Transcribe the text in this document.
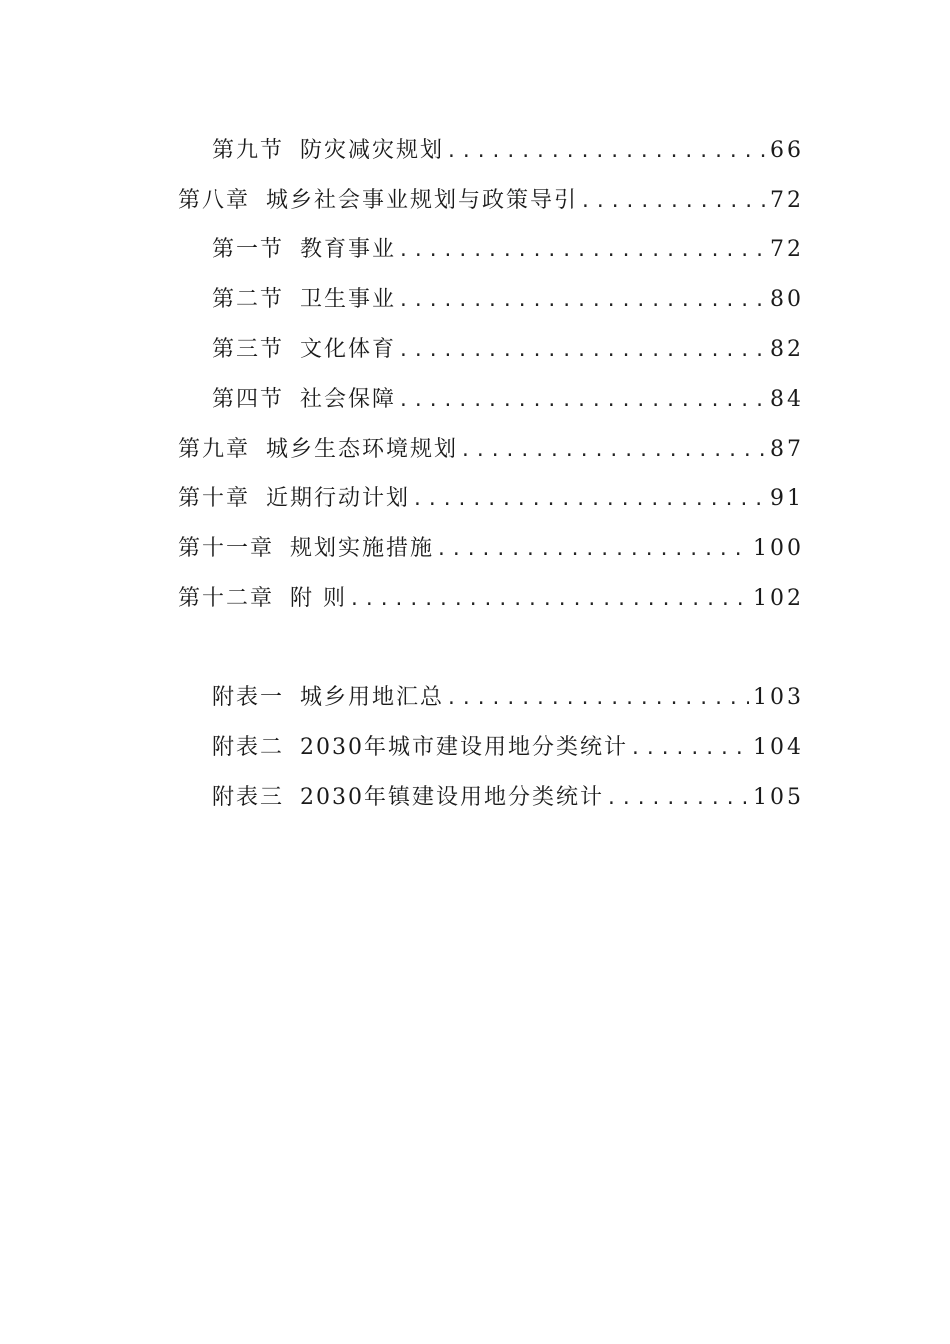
第九节 防灾减灾规划 .....	66
第八章 城乡社会事业规划与政策导引 .....	72
第一节 教育事业 .....	72
第二节 卫生事业 .....	80
第三节 文化体育 .....	82
第四节 社会保障 .....	84
第九章 城乡生态环境规划 .....	87
第十章 近期行动计划 .....	91
第十一章 规划实施措施 .....	100
第十二章 附 则 .....	102
附表一 城乡用地汇总 .....	103
附表二 2030年城市建设用地分类统计 .....	104
附表三 2030年镇建设用地分类统计 .....	105
